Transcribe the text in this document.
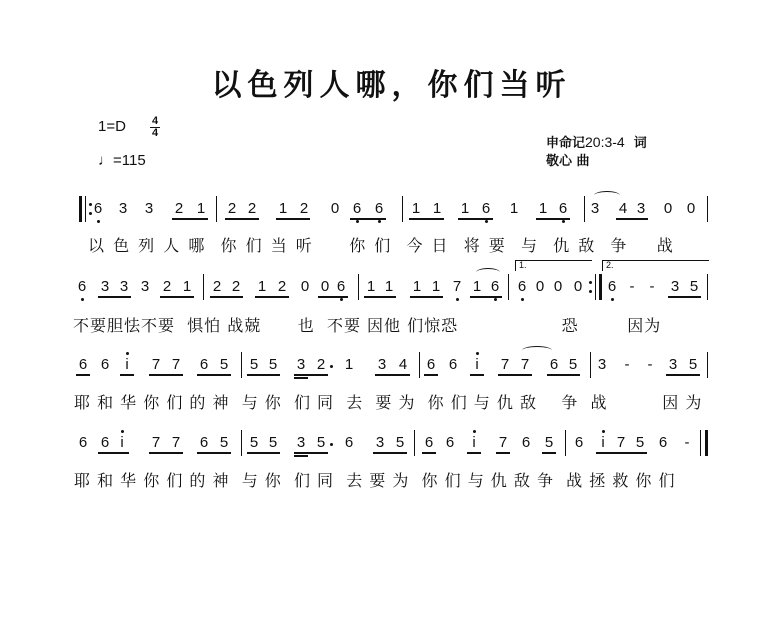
以色列人哪，你们当听
1=D	4
4
♩=115
申命记20:3-4 词
敬心 曲
6 3 3 2 1 2 2 1 2 0 6 6 1 1 1 6 1 1 6 3 4 3 0 0
以 色 列 人 哪  你 们 当 听     你 们  今 日  将 要  与  仇 敌  争    战
6 3 3 3 2 1 2 2 1 2 0 0 6 1 1 1 1 7 1 6
1.
6 0 0 0
2.
6 -	-	3 5
不要胆怯不要  惧怕 战兢      也  不要 因他 们惊恐                 恐        因为
6 6	i	7 7 6 5 5 5 3 2 1 3 4 6 6	i	7 7 6 5 3	-	-	3 5
耶 和 华 你 们 的 神  与 你  们 同  去  要 为  你 们 与 仇 敌    争  战         因 为
6 6 i	7 7 6 5 5 5 3 5 6 3 5 6 6	i	7 6 5 6	i 7 5 6	-
耶 和 华 你 们 的 神  与 你  们 同  去 要 为  你 们 与 仇 敌 争  战 拯 救 你 们
